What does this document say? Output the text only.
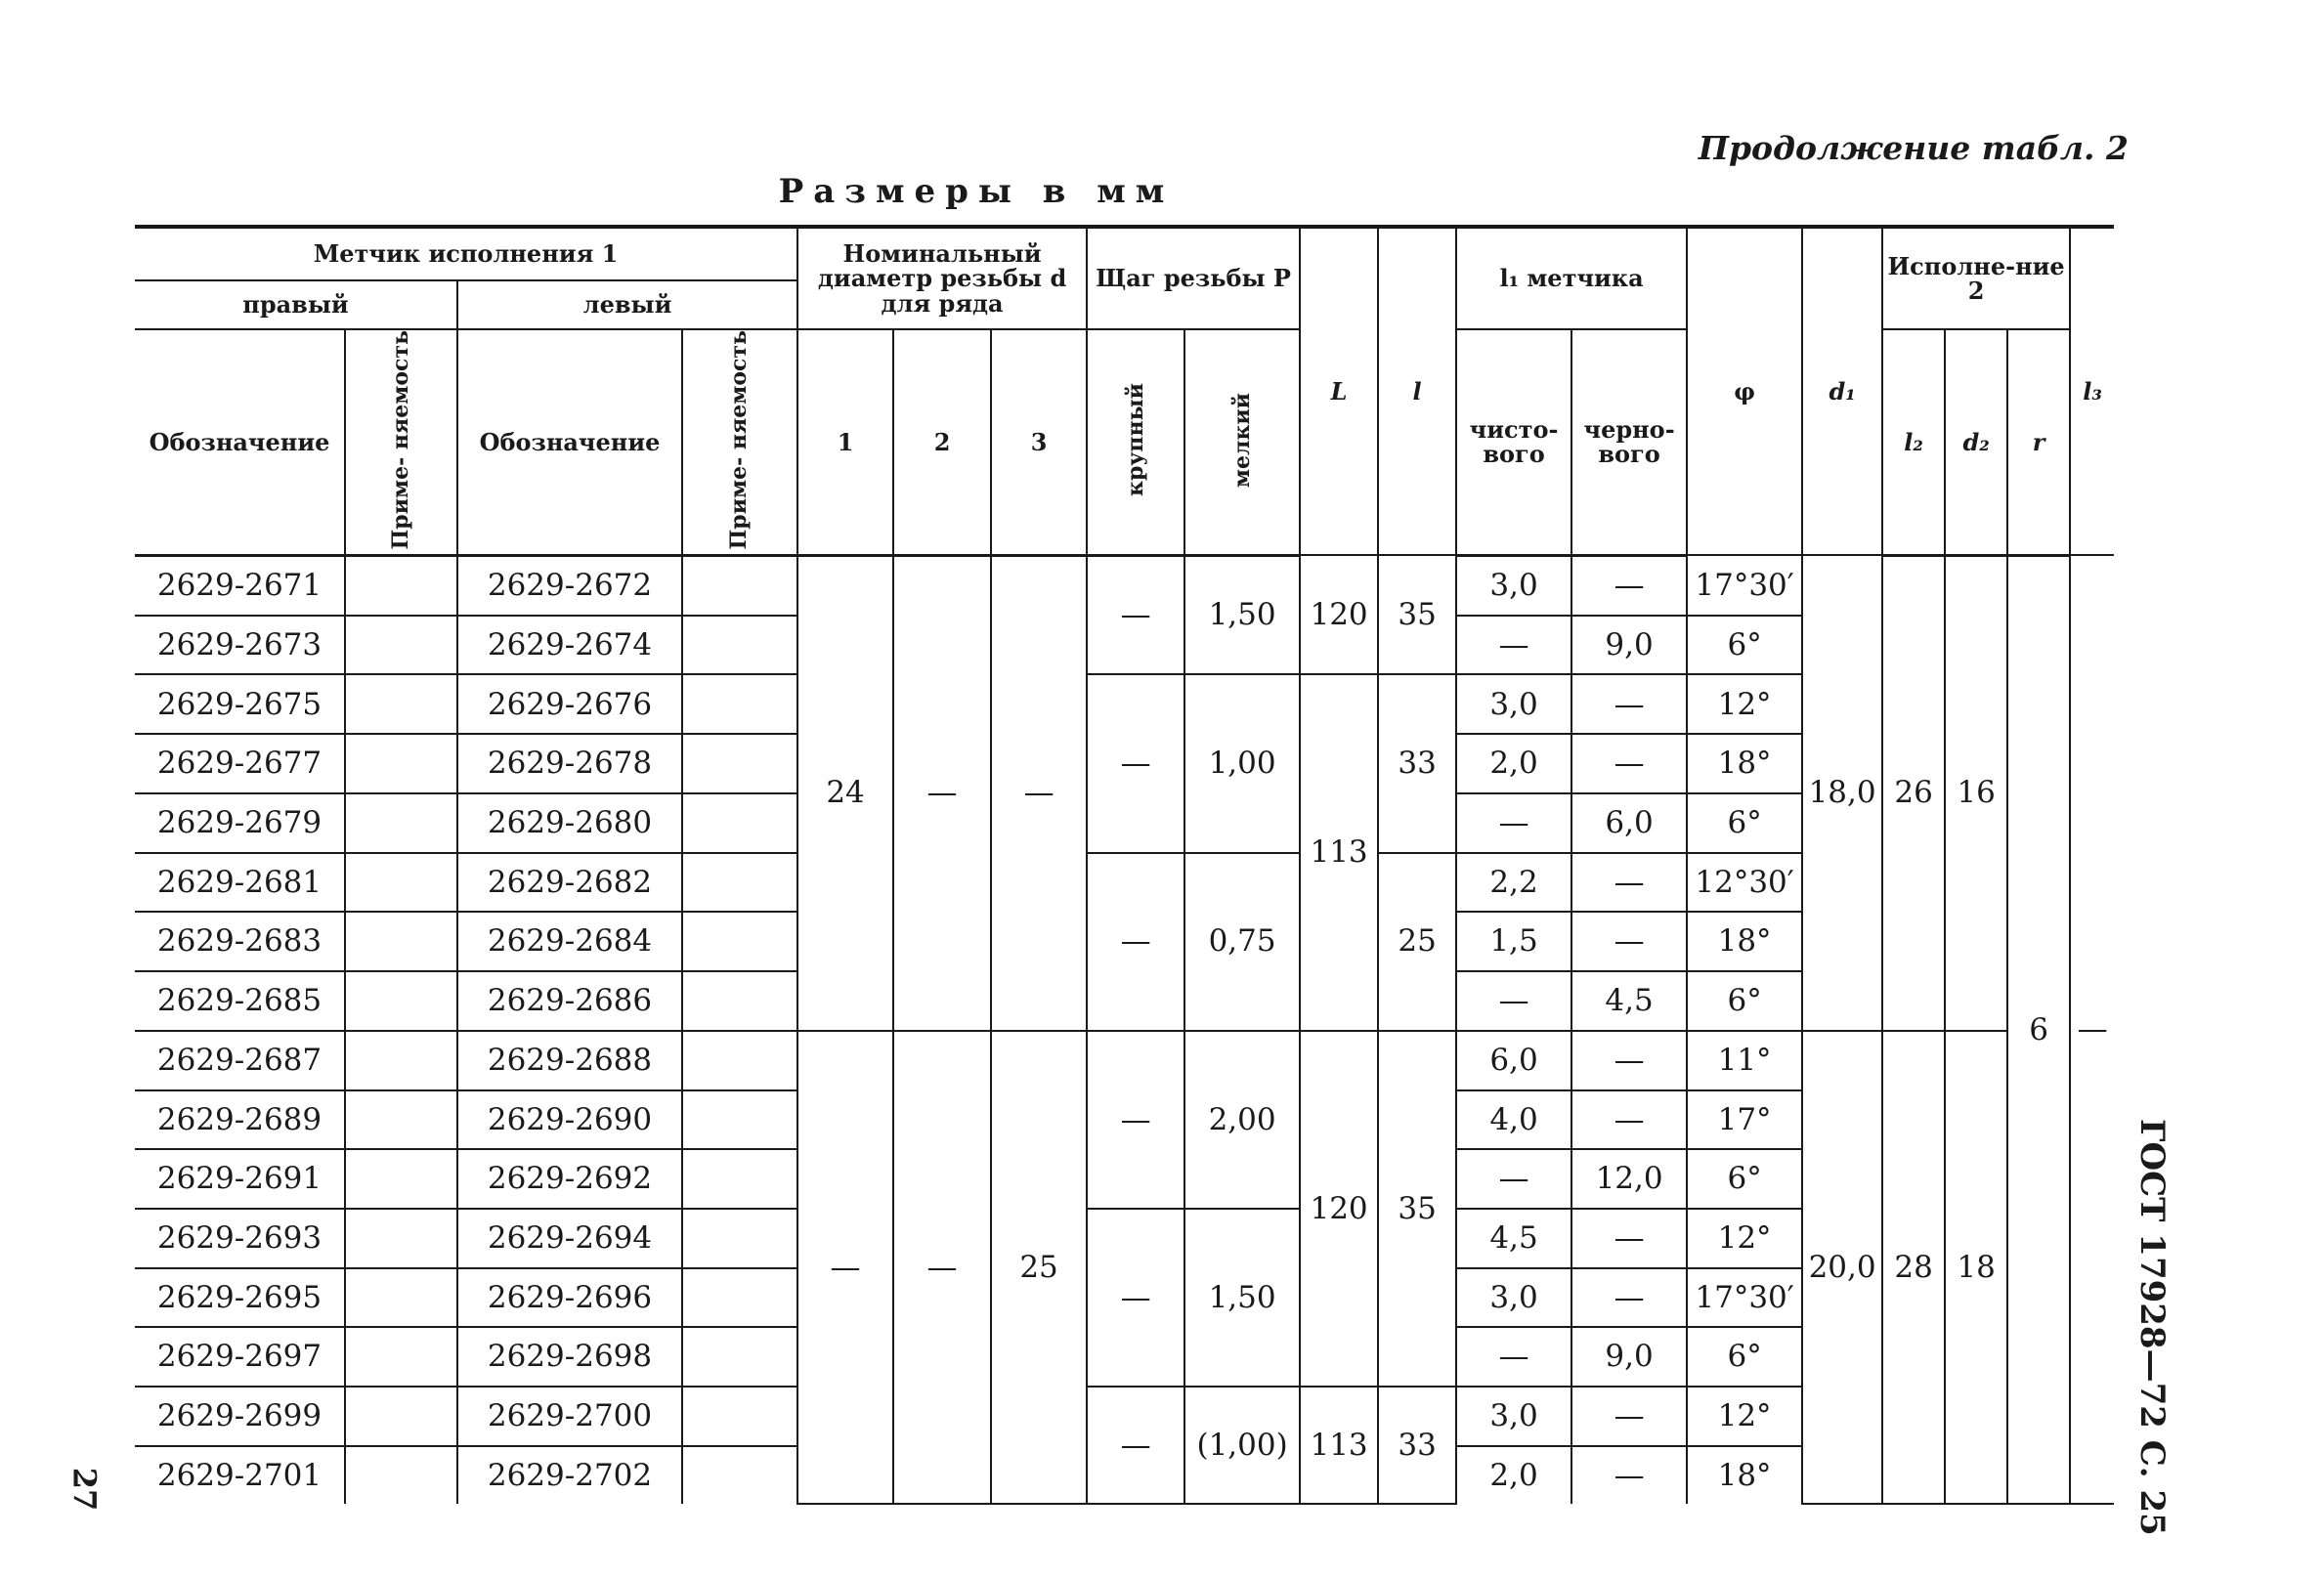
Продолжение табл. 2
Размеры в мм
ГОСТ 17928—72 С. 25
27
Метчик исполнения 1				Номинальный диаметр резьбы d для ряда			Щаг резьбы P		L	l	l₁ метчика		φ	d₁	Исполне-ние 2			l₃
правый		левый																
Обозначение	Приме- няемость	Обозначение	Приме- няемость	1	2	3	крупный	мелкий			чисто-вого	черно-вого			l₂	d₂	r	
2629-2671		2629-2672		24	—	—	—	1,50	120	35	3,0	—	17°30′	18,0	26	16	6	—
2629-2673		2629-2674									—	9,0	6°					
2629-2675		2629-2676					—	1,00	113	33	3,0	—	12°					
2629-2677		2629-2678									2,0	—	18°					
2629-2679		2629-2680									—	6,0	6°					
2629-2681		2629-2682					—	0,75		25	2,2	—	12°30′					
2629-2683		2629-2684									1,5	—	18°					
2629-2685		2629-2686									—	4,5	6°					
2629-2687		2629-2688		—	—	25	—	2,00	120	35	6,0	—	11°	20,0	28	18		
2629-2689		2629-2690									4,0	—	17°					
2629-2691		2629-2692									—	12,0	6°					
2629-2693		2629-2694					—	1,50			4,5	—	12°					
2629-2695		2629-2696									3,0	—	17°30′					
2629-2697		2629-2698									—	9,0	6°					
2629-2699		2629-2700					—	(1,00)	113	33	3,0	—	12°					
2629-2701		2629-2702									2,0	—	18°					
